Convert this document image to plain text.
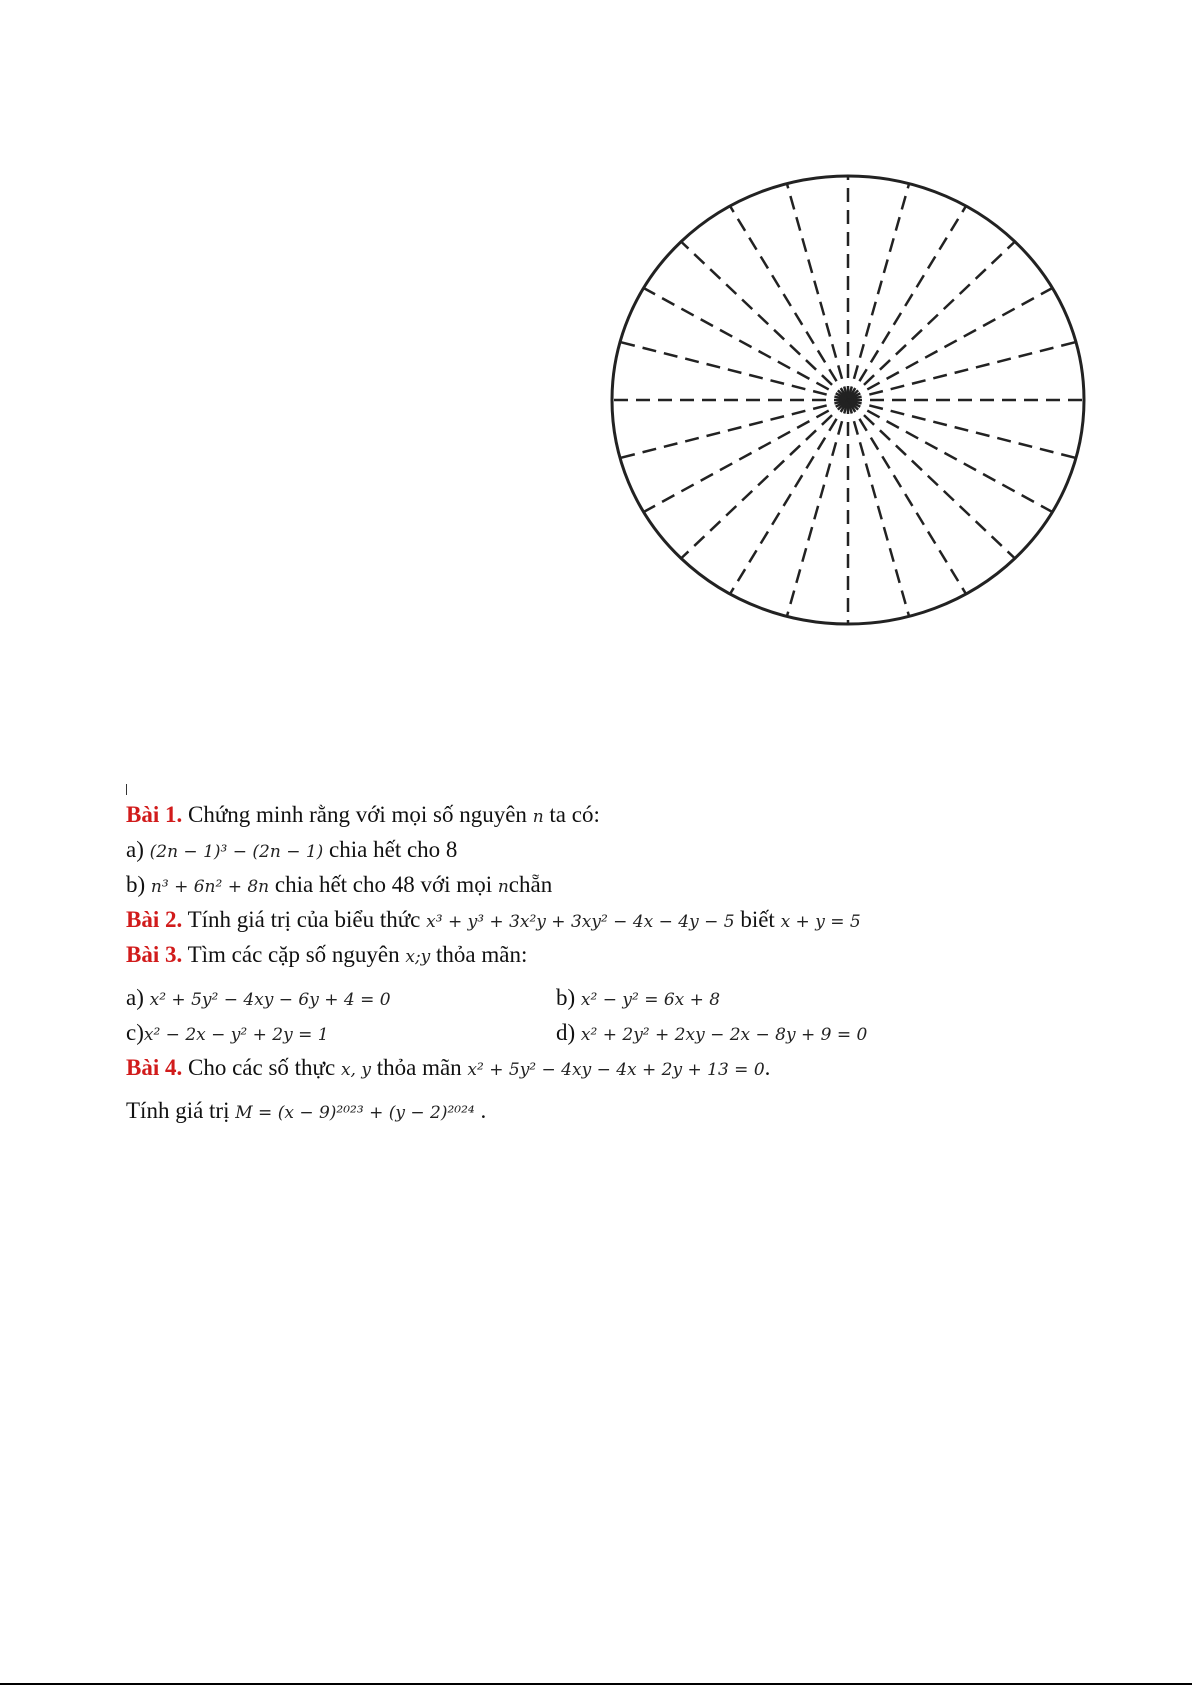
Bài 1. Chứng minh rằng với mọi số nguyên n ta có:
a) (2n − 1)³ − (2n − 1) chia hết cho 8
b) n³ + 6n² + 8n chia hết cho 48 với mọi nchẵn
Bài 2. Tính giá trị của biểu thức x³ + y³ + 3x²y + 3xy² − 4x − 4y − 5 biết x + y = 5
Bài 3. Tìm các cặp số nguyên x;y thỏa mãn:
a) x² + 5y² − 4xy − 6y + 4 = 0	b) x² − y² = 6x + 8
c)x² − 2x − y² + 2y = 1	d) x² + 2y² + 2xy − 2x − 8y + 9 = 0
Bài 4. Cho các số thực x, y thỏa mãn x² + 5y² − 4xy − 4x + 2y + 13 = 0.
Tính giá trị M = (x − 9)²⁰²³ + (y − 2)²⁰²⁴ .
